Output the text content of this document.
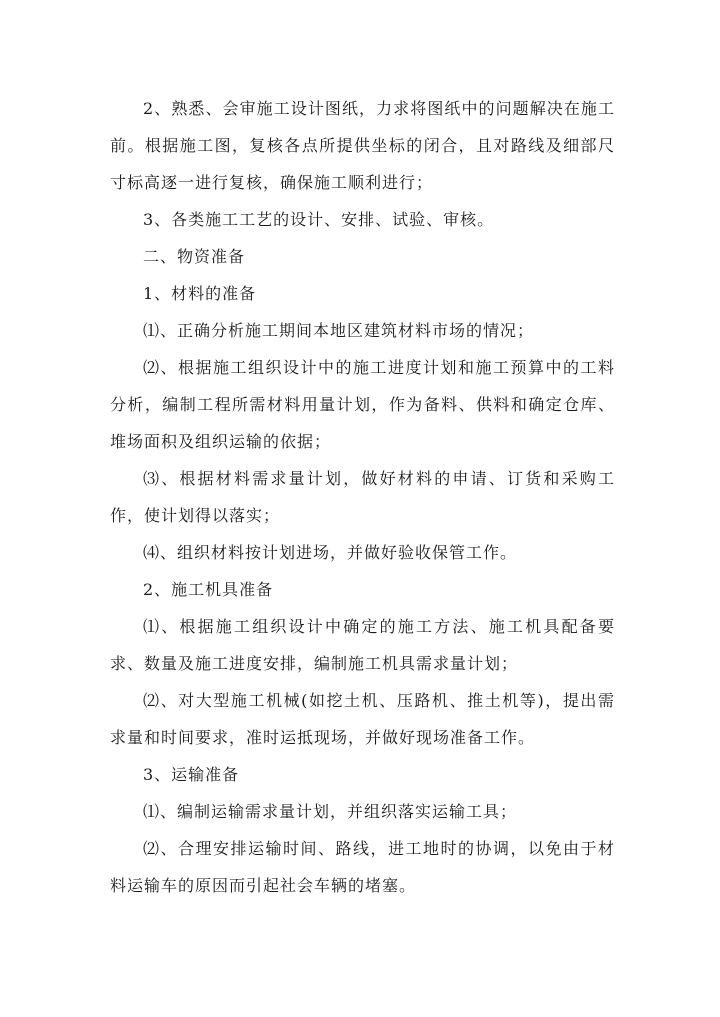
2、熟悉、会审施工设计图纸，力求将图纸中的问题解决在施工前。根据施工图，复核各点所提供坐标的闭合，且对路线及细部尺寸标高逐一进行复核，确保施工顺利进行；

3、各类施工工艺的设计、安排、试验、审核。

二、物资准备

1、材料的准备

⑴、正确分析施工期间本地区建筑材料市场的情况；

⑵、根据施工组织设计中的施工进度计划和施工预算中的工料分析，编制工程所需材料用量计划，作为备料、供料和确定仓库、堆场面积及组织运输的依据；

⑶、根据材料需求量计划，做好材料的申请、订货和采购工作，使计划得以落实；

⑷、组织材料按计划进场，并做好验收保管工作。

2、施工机具准备

⑴、根据施工组织设计中确定的施工方法、施工机具配备要求、数量及施工进度安排，编制施工机具需求量计划；

⑵、对大型施工机械(如挖土机、压路机、推土机等)，提出需求量和时间要求，准时运抵现场，并做好现场准备工作。

3、运输准备

⑴、编制运输需求量计划，并组织落实运输工具；

⑵、合理安排运输时间、路线，进工地时的协调，以免由于材料运输车的原因而引起社会车辆的堵塞。
